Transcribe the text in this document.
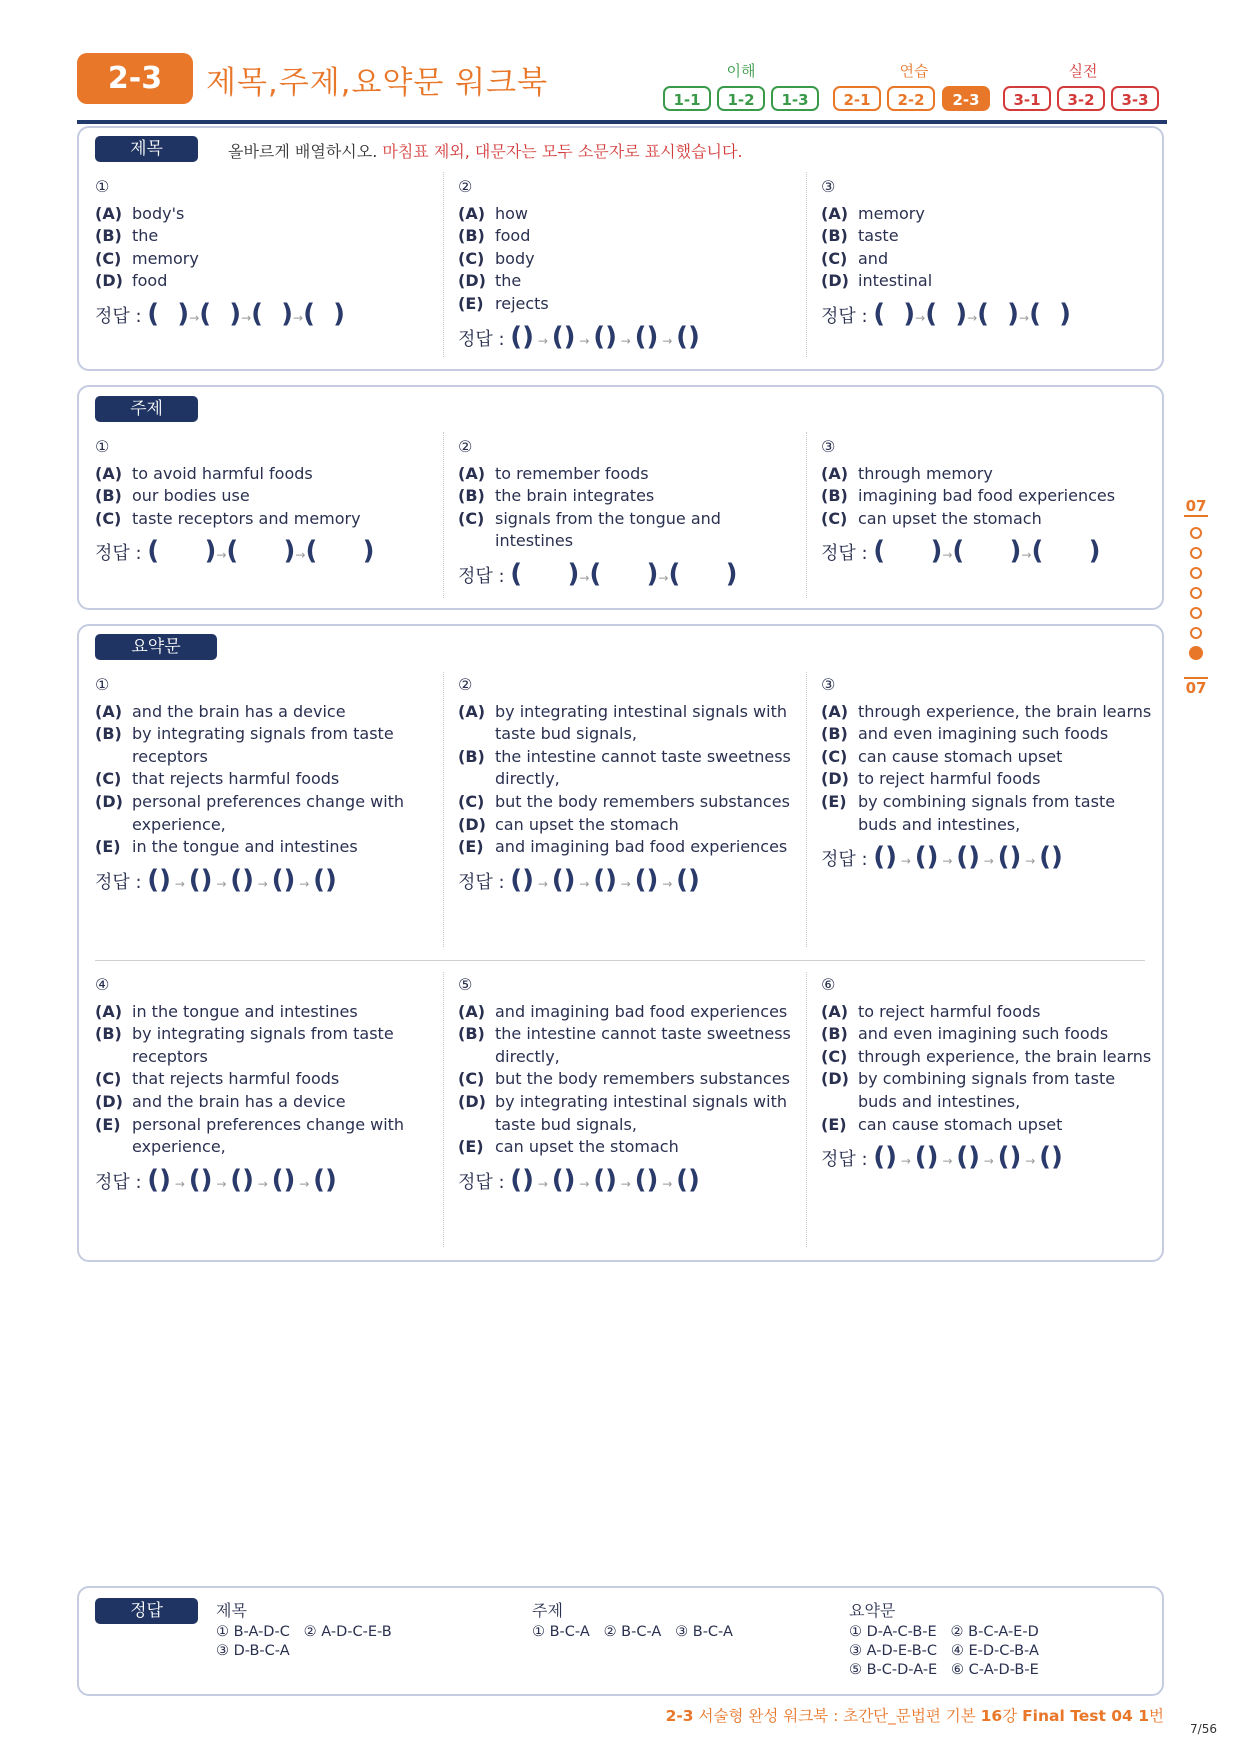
2-3	제목,주제,요약문 워크북	이해	연습	실전
1-1	1-2	1-3	2-1	2-2	2-3	3-1	3-2	3-3
제목	올바르게 배열하시오. 마침표 제외, 대문자는 모두 소문자로 표시했습니다.
①
(A) body's
(B) the
(C) memory
(D) food
정답 : (  )→(  )→(  )→(  )
②
(A) how
(B) food
(C) body
(D) the
(E) rejects
정답 : () → () → () → () → ()
③
(A) memory
(B) taste
(C) and
(D) intestinal
정답 : (  )→(  )→(  )→(  )
주제
①
(A) to avoid harmful foods
(B) our bodies use
(C) taste receptors and memory
정답 : (     )→(     )→(     )
②
(A) to remember foods
(B) the brain integrates
(C) signals from the tongue and intestines
정답 : (     )→(     )→(     )
③
(A) through memory
(B) imagining bad food experiences
(C) can upset the stomach
정답 : (     )→(     )→(     )
요약문
①
(A) and the brain has a device
(B) by integrating signals from taste receptors
(C) that rejects harmful foods
(D) personal preferences change with experience,
(E) in the tongue and intestines
정답 : () → () → () → () → ()
②
(A) by integrating intestinal signals with taste bud signals,
(B) the intestine cannot taste sweetness directly,
(C) but the body remembers substances
(D) can upset the stomach
(E) and imagining bad food experiences
정답 : () → () → () → () → ()
③
(A) through experience, the brain learns
(B) and even imagining such foods
(C) can cause stomach upset
(D) to reject harmful foods
(E) by combining signals from taste buds and intestines,
정답 : () → () → () → () → ()
④
(A) in the tongue and intestines
(B) by integrating signals from taste receptors
(C) that rejects harmful foods
(D) and the brain has a device
(E) personal preferences change with experience,
정답 : () → () → () → () → ()
⑤
(A) and imagining bad food experiences
(B) the intestine cannot taste sweetness directly,
(C) but the body remembers substances
(D) by integrating intestinal signals with taste bud signals,
(E) can upset the stomach
정답 : () → () → () → () → ()
⑥
(A) to reject harmful foods
(B) and even imagining such foods
(C) through experience, the brain learns
(D) by combining signals from taste buds and intestines,
(E) can cause stomach upset
정답 : () → () → () → () → ()
07
07
정답	제목
① B-A-D-C   ② A-D-C-E-B
③ D-B-C-A
주제
① B-C-A   ② B-C-A   ③ B-C-A
요약문
① D-A-C-B-E   ② B-C-A-E-D
③ A-D-E-B-C   ④ E-D-C-B-A
⑤ B-C-D-A-E   ⑥ C-A-D-B-E
2-3 서술형 완성 워크북 : 초간단_문법편 기본 16강 Final Test 04 1번
7/56
